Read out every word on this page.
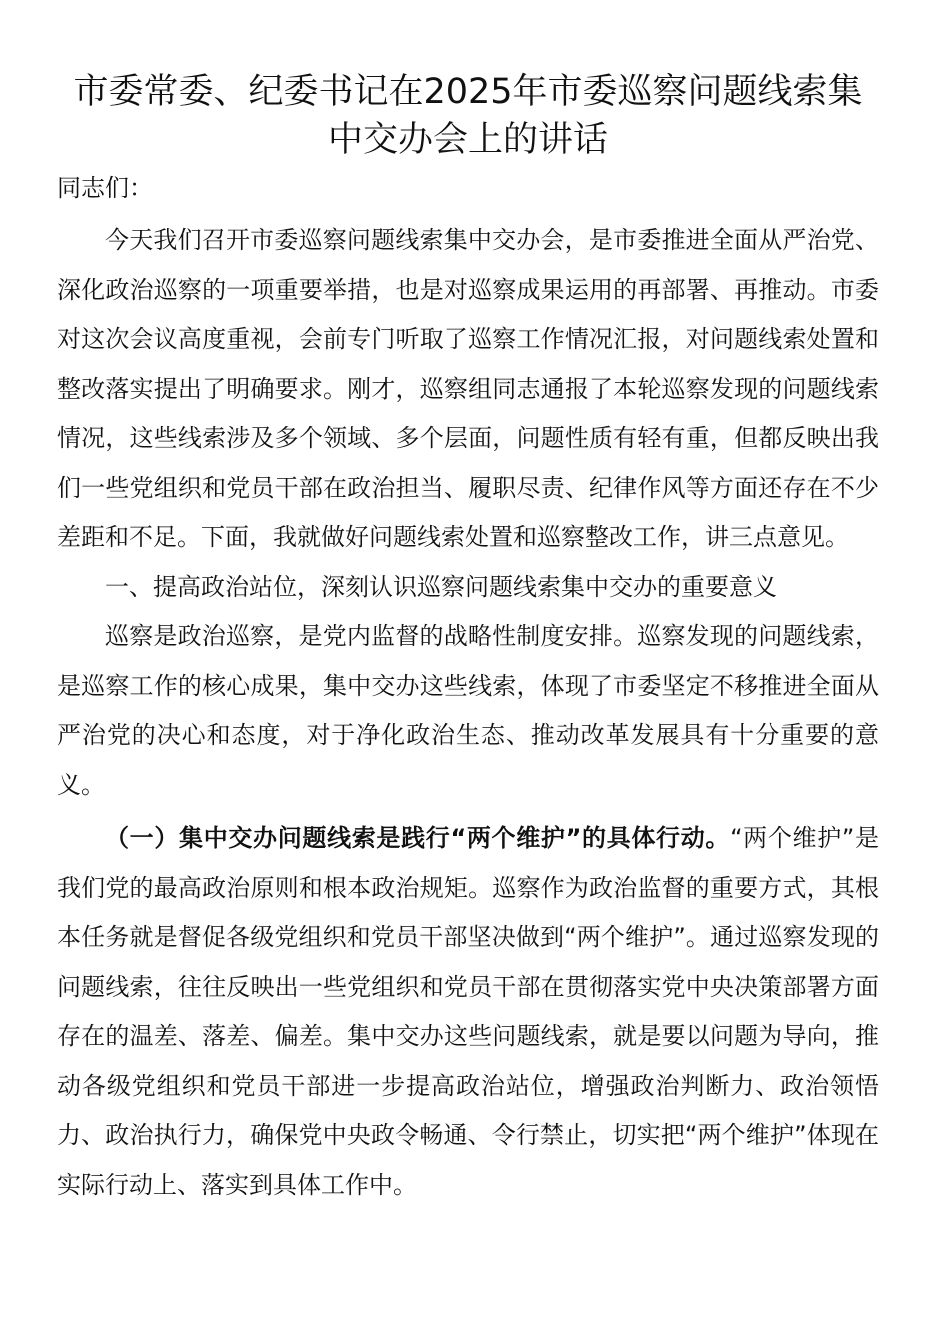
市委常委、纪委书记在2025年市委巡察问题线索集中交办会上的讲话
同志们：

今天我们召开市委巡察问题线索集中交办会，是市委推进全面从严治党、深化政治巡察的一项重要举措，也是对巡察成果运用的再部署、再推动。市委对这次会议高度重视，会前专门听取了巡察工作情况汇报，对问题线索处置和整改落实提出了明确要求。刚才，巡察组同志通报了本轮巡察发现的问题线索情况，这些线索涉及多个领域、多个层面，问题性质有轻有重，但都反映出我们一些党组织和党员干部在政治担当、履职尽责、纪律作风等方面还存在不少差距和不足。下面，我就做好问题线索处置和巡察整改工作，讲三点意见。

一、提高政治站位，深刻认识巡察问题线索集中交办的重要意义

巡察是政治巡察，是党内监督的战略性制度安排。巡察发现的问题线索，是巡察工作的核心成果，集中交办这些线索，体现了市委坚定不移推进全面从严治党的决心和态度，对于净化政治生态、推动改革发展具有十分重要的意义。

（一）集中交办问题线索是践行“两个维护”的具体行动。“两个维护”是我们党的最高政治原则和根本政治规矩。巡察作为政治监督的重要方式，其根本任务就是督促各级党组织和党员干部坚决做到“两个维护”。通过巡察发现的问题线索，往往反映出一些党组织和党员干部在贯彻落实党中央决策部署方面存在的温差、落差、偏差。集中交办这些问题线索，就是要以问题为导向，推动各级党组织和党员干部进一步提高政治站位，增强政治判断力、政治领悟力、政治执行力，确保党中央政令畅通、令行禁止，切实把“两个维护”体现在实际行动上、落实到具体工作中。
